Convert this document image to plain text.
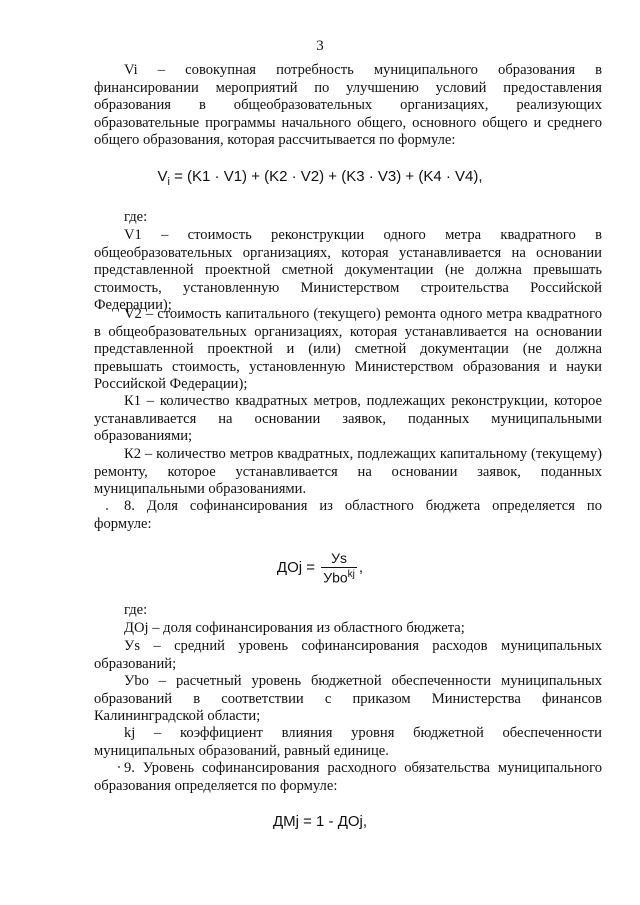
3

Vi – совокупная потребность муниципального образования в финансировании мероприятий по улучшению условий предоставления образования в общеобразовательных организациях, реализующих образовательные программы начального общего, основного общего и среднего общего образования, которая рассчитывается по формуле:

$V_i = (K1 \cdot V1) + (K2 \cdot V2) + (K3 \cdot V3) + (K4 \cdot V4)$,

где:

V1 – стоимость реконструкции одного метра квадратного в общеобразовательных организациях, которая устанавливается на основании представленной проектной сметной документации (не должна превышать стоимость, установленную Министерством строительства Российской Федерации);

V2 – стоимость капитального (текущего) ремонта одного метра квадратного в общеобразовательных организациях, которая устанавливается на основании представленной проектной и (или) сметной документации (не должна превышать стоимость, установленную Министерством образования и науки Российской Федерации);

К1 – количество квадратных метров, подлежащих реконструкции, которое устанавливается на основании заявок, поданных муниципальными образованиями;

К2 – количество метров квадратных, подлежащих капитальному (текущему) ремонту, которое устанавливается на основании заявок, поданных муниципальными образованиями.

8. Доля софинансирования из областного бюджета определяется по формуле:

ДОj = $\frac{Уs}{Уbo^{kj}}$ ,

где:

ДОj – доля софинансирования из областного бюджета;

Уs – средний уровень софинансирования расходов муниципальных образований;

Уbo – расчетный уровень бюджетной обеспеченности муниципальных образований в соответствии с приказом Министерства финансов Калининградской области;

kj – коэффициент влияния уровня бюджетной обеспеченности муниципальных образований, равный единице.

9. Уровень софинансирования расходного обязательства муниципального образования определяется по формуле:

ДМj = 1 - ДОj,
